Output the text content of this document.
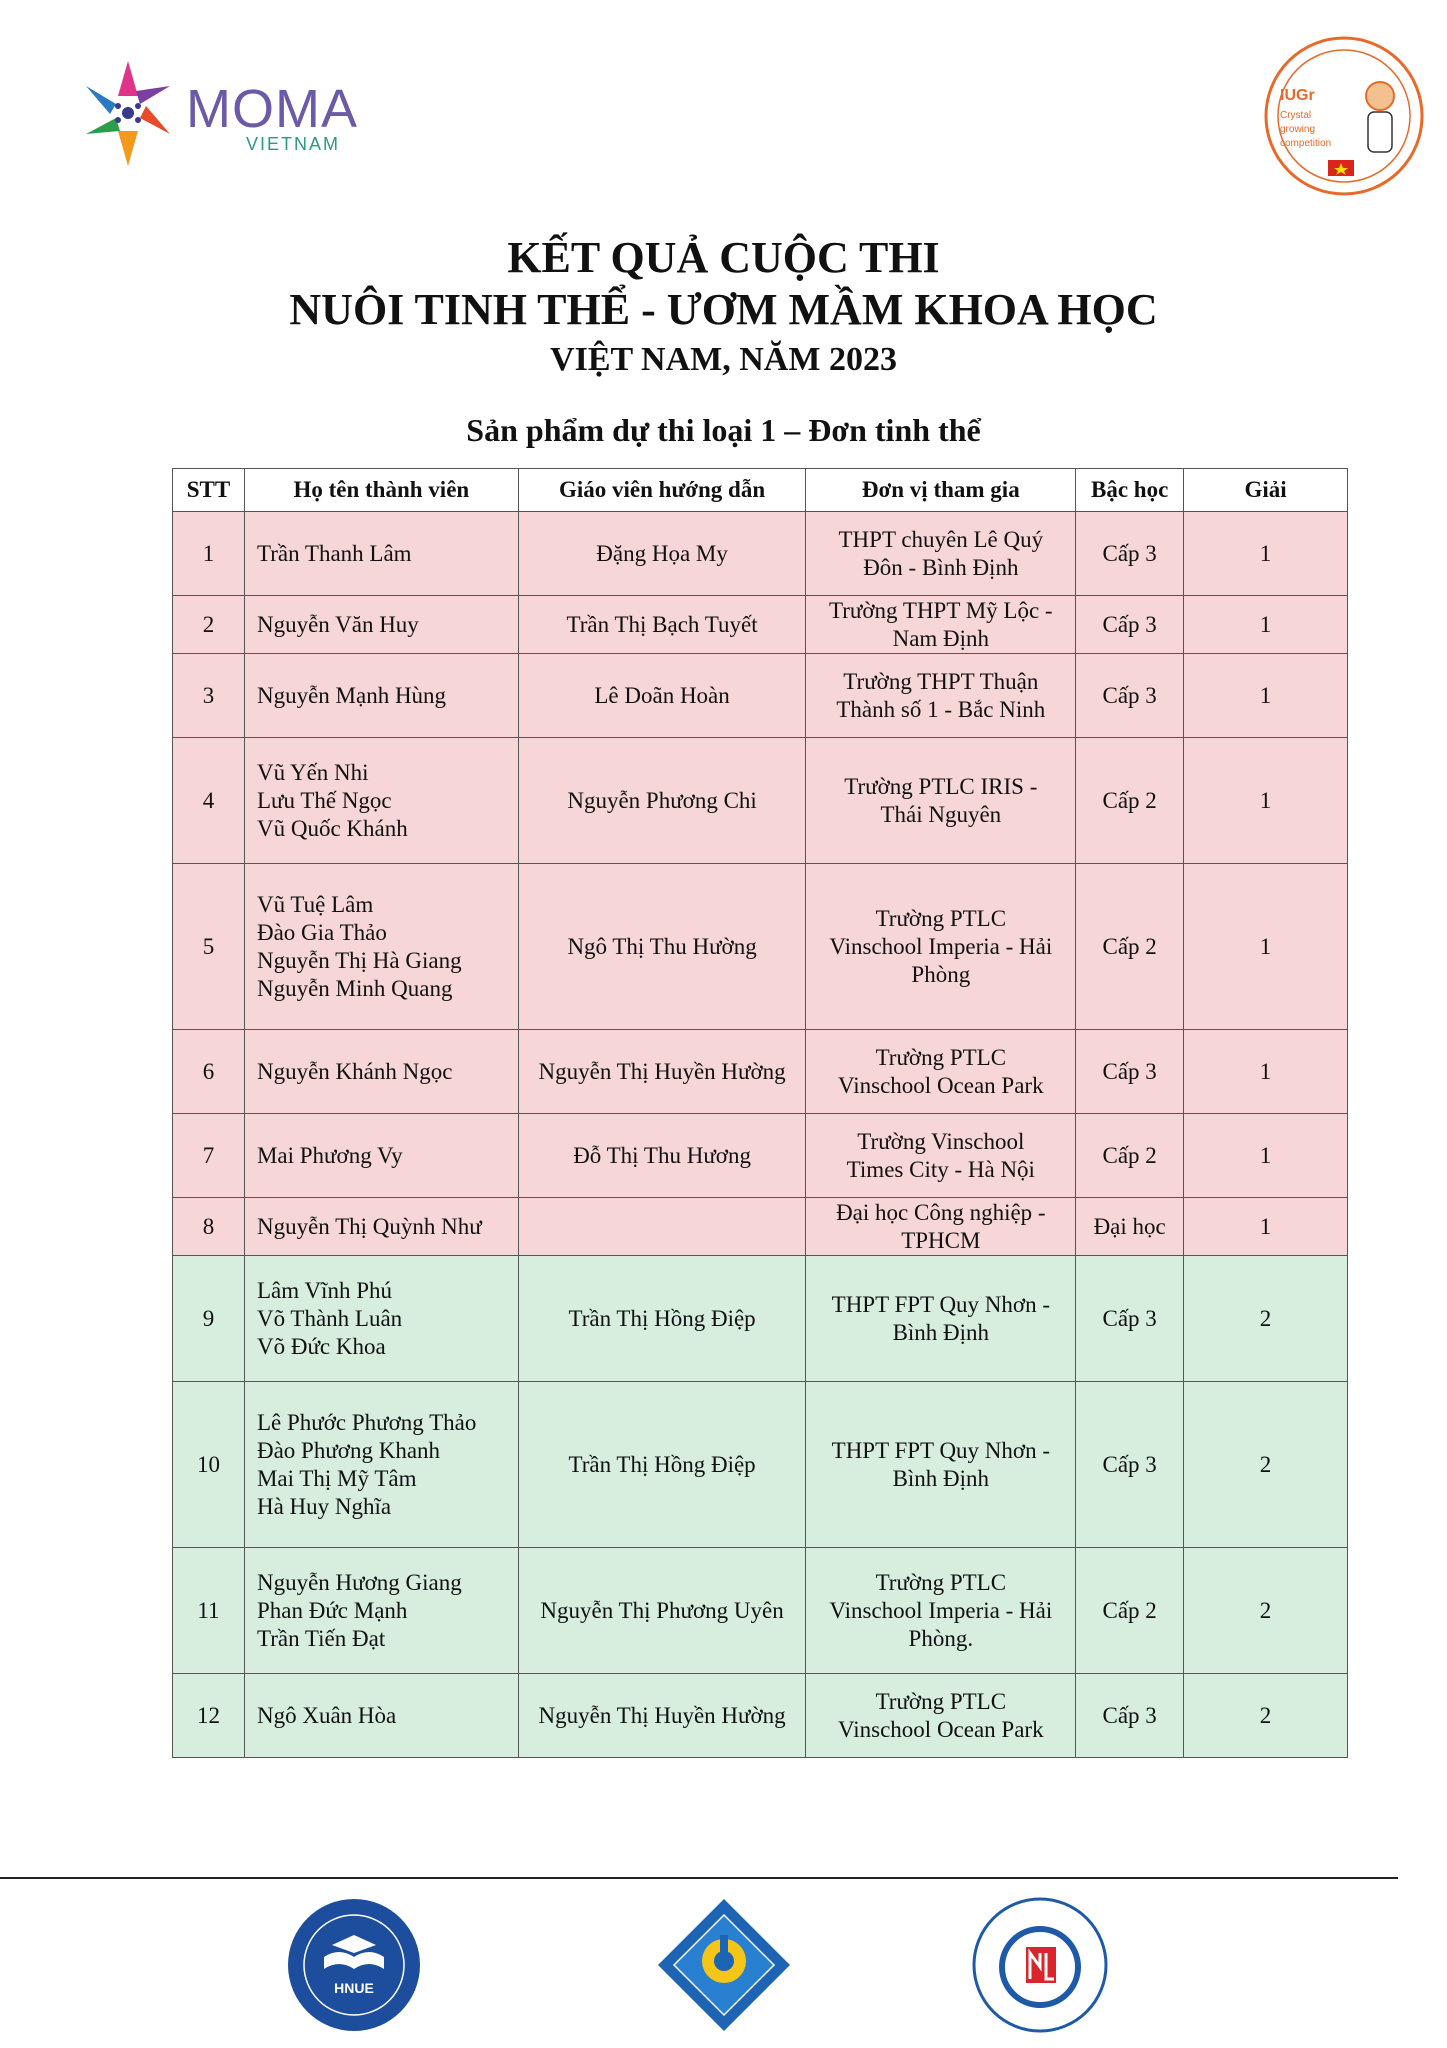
MOMA
VIETNAM
IUGr
Crystal
growing
competition
KẾT QUẢ CUỘC THI
NUÔI TINH THỂ - ƯƠM MẦM KHOA HỌC
VIỆT NAM, NĂM 2023
Sản phẩm dự thi loại 1 – Đơn tinh thể
STT	Họ tên thành viên	Giáo viên hướng dẫn	Đơn vị tham gia	Bậc học	Giải
1	Trần Thanh Lâm	Đặng Họa My	THPT chuyên Lê Quý
Đôn - Bình Định	Cấp 3	1
2	Nguyễn Văn Huy	Trần Thị Bạch Tuyết	Trường THPT Mỹ Lộc -
Nam Định	Cấp 3	1
3	Nguyễn Mạnh Hùng	Lê Doãn Hoàn	Trường THPT Thuận
Thành số 1 - Bắc Ninh	Cấp 3	1
4	Vũ Yến Nhi
Lưu Thế Ngọc
Vũ Quốc Khánh	Nguyễn Phương Chi	Trường PTLC IRIS -
Thái Nguyên	Cấp 2	1
5	Vũ Tuệ Lâm
Đào Gia Thảo
Nguyễn Thị Hà Giang
Nguyễn Minh Quang	Ngô Thị Thu Hường	Trường PTLC
Vinschool Imperia - Hải
Phòng	Cấp 2	1
6	Nguyễn Khánh Ngọc	Nguyễn Thị Huyền Hường	Trường PTLC
Vinschool Ocean Park	Cấp 3	1
7	Mai Phương Vy	Đỗ Thị Thu Hương	Trường Vinschool
Times City - Hà Nội	Cấp 2	1
8	Nguyễn Thị Quỳnh Như		Đại học Công nghiệp -
TPHCM	Đại học	1
9	Lâm Vĩnh Phú
Võ Thành Luân
Võ Đức Khoa	Trần Thị Hồng Điệp	THPT FPT Quy Nhơn -
Bình Định	Cấp 3	2
10	Lê Phước Phương Thảo
Đào Phương Khanh
Mai Thị Mỹ Tâm
Hà Huy Nghĩa	Trần Thị Hồng Điệp	THPT FPT Quy Nhơn -
Bình Định	Cấp 3	2
11	Nguyễn Hương Giang
Phan Đức Mạnh
Trần Tiến Đạt	Nguyễn Thị Phương Uyên	Trường PTLC
Vinschool Imperia - Hải
Phòng.	Cấp 2	2
12	Ngô Xuân Hòa	Nguyễn Thị Huyền Hường	Trường PTLC
Vinschool Ocean Park	Cấp 3	2
HNUE
